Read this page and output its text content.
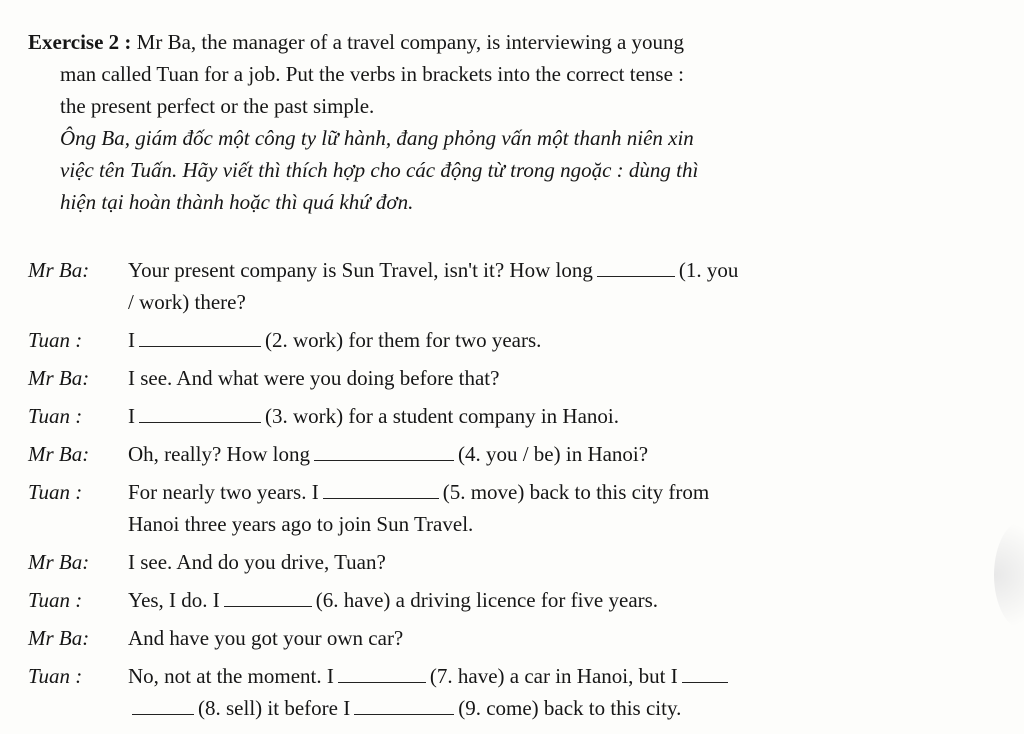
Exercise 2 : Mr Ba, the manager of a travel company, is interviewing a young
man called Tuan for a job. Put the verbs in brackets into the correct tense :
the present perfect or the past simple.
Ông Ba, giám đốc một công ty lữ hành, đang phỏng vấn một thanh niên xin
việc tên Tuấn. Hãy viết thì thích hợp cho các động từ trong ngoặc : dùng thì
hiện tại hoàn thành hoặc thì quá khứ đơn.
Mr Ba:	Your present company is Sun Travel, isn't it? How long	(1. you
/ work) there?
Tuan :	I	(2. work) for them for two years.
Mr Ba:	I see. And what were you doing before that?
Tuan :	I	(3. work) for a student company in Hanoi.
Mr Ba:	Oh, really? How long	(4. you / be) in Hanoi?
Tuan :	For nearly two years. I	(5. move) back to this city from
Hanoi three years ago to join Sun Travel.
Mr Ba:	I see. And do you drive, Tuan?
Tuan :	Yes, I do. I	(6. have) a driving licence for five years.
Mr Ba:	And have you got your own car?
Tuan :	No, not at the moment. I	(7. have) a car in Hanoi, but I
(8. sell) it before I	(9. come) back to this city.
